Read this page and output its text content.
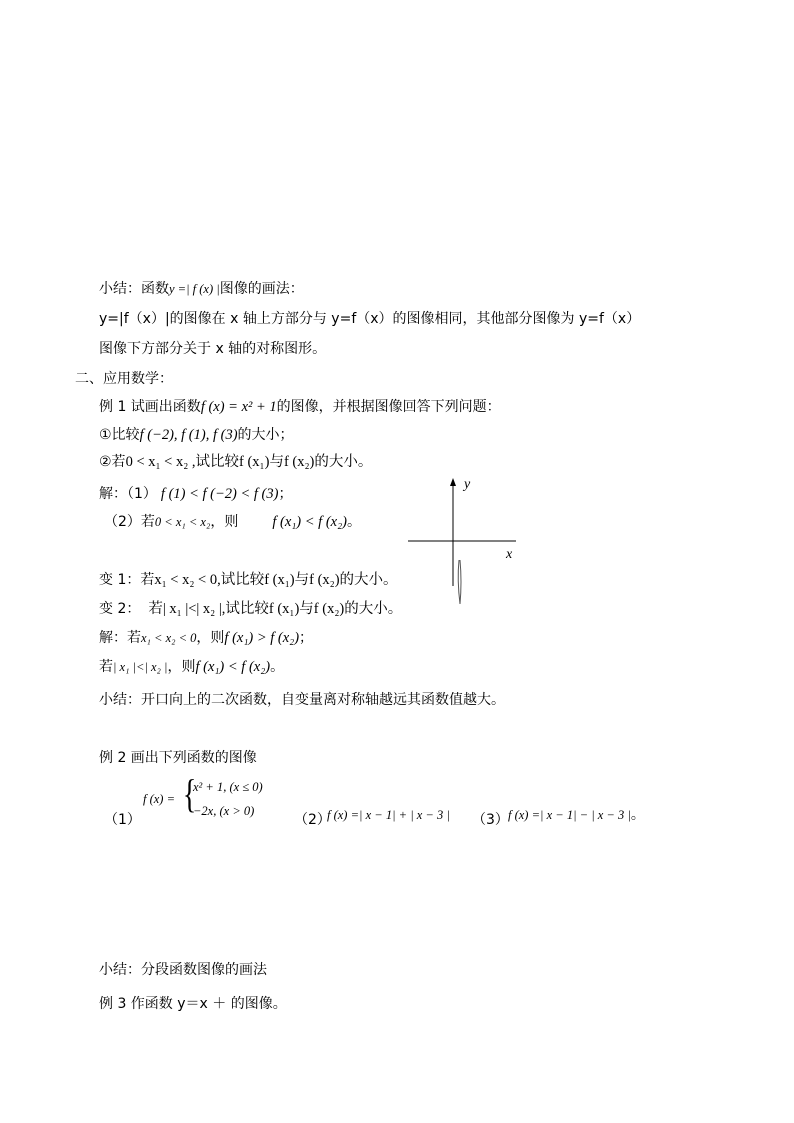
小结：函数y =| f (x) |图像的画法：
y=|f（x）|的图像在 x 轴上方部分与 y=f（x）的图像相同，其他部分图像为 y=f（x）
图像下方部分关于 x 轴的对称图形。
二、应用数学：
例 1 试画出函数f (x) = x² + 1的图像，并根据图像回答下列问题：
①比较f (−2), f (1), f (3)的大小；
②若0 < x₁ < x₂ ,试比较f (x₁)与f (x₂)的大小。
解：（1） f (1) < f (−2) < f (3)；
（2）若0 < x₁ < x₂，则 f (x₁) < f (x₂)。
x
y
变 1：若x₁ < x₂ < 0,试比较f (x₁)与f (x₂)的大小。
变 2： 若| x₁ |<| x₂ |,试比较f (x₁)与f (x₂)的大小。
解：若x₁ < x₂ < 0，则f (x₁) > f (x₂)；
若| x₁ |<| x₂ |，则f (x₁) < f (x₂)。
小结：开口向上的二次函数，自变量离对称轴越远其函数值越大。
例 2 画出下列函数的图像
（1）
f (x) = {
x² + 1, (x ≤ 0)
−2x, (x > 0)
（2）
f (x) =| x − 1| + | x − 3 | （3） f (x) =| x − 1| − | x − 3 |。
小结：分段函数图像的画法
例 3 作函数 y＝x ＋ 的图像。
